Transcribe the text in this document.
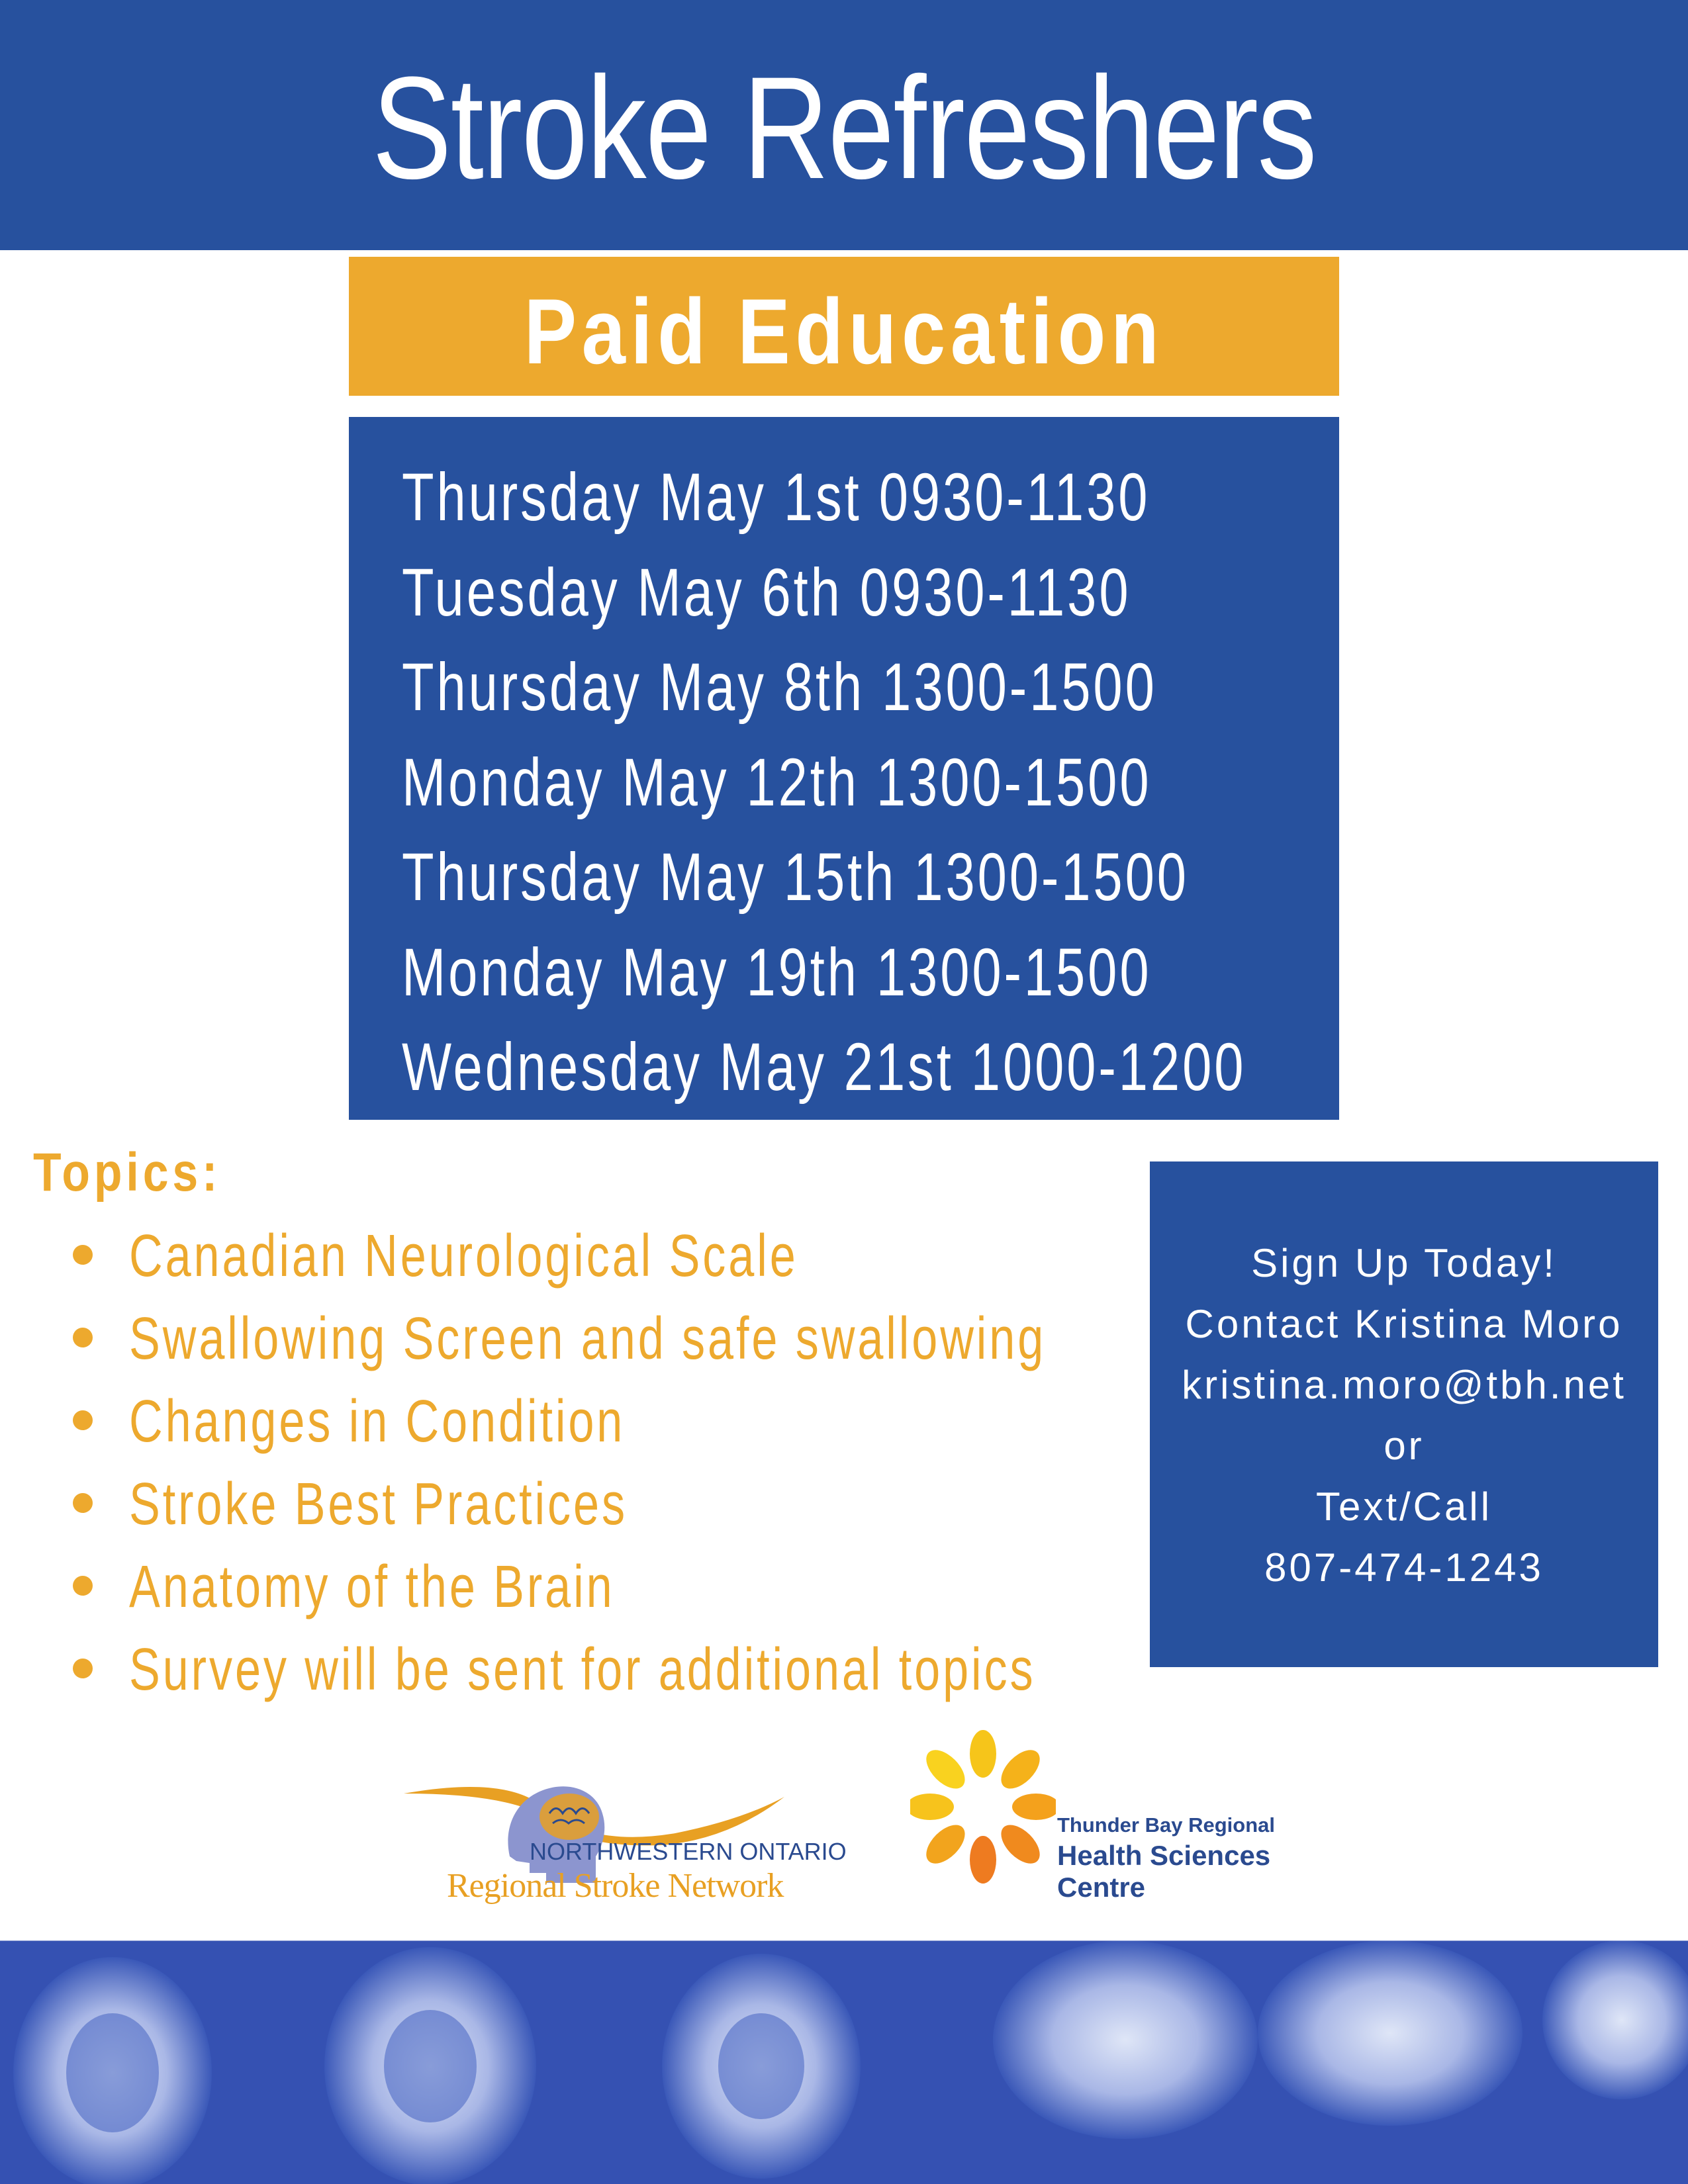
Stroke Refreshers
Paid Education
Thursday May 1st 0930-1130
Tuesday May 6th 0930-1130
Thursday May 8th 1300-1500
Monday May 12th 1300-1500
Thursday May 15th 1300-1500
Monday May 19th 1300-1500
Wednesday May 21st 1000-1200
Topics:
Canadian Neurological Scale
Swallowing Screen and safe swallowing
Changes in Condition
Stroke Best Practices
Anatomy of the Brain
Survey will be sent for additional topics
Sign Up Today!
Contact Kristina Moro
kristina.moro@tbh.net
or
Text/Call
807-474-1243
NORTHWESTERN ONTARIO
Regional Stroke Network
Thunder Bay Regional
Health Sciences
Centre
